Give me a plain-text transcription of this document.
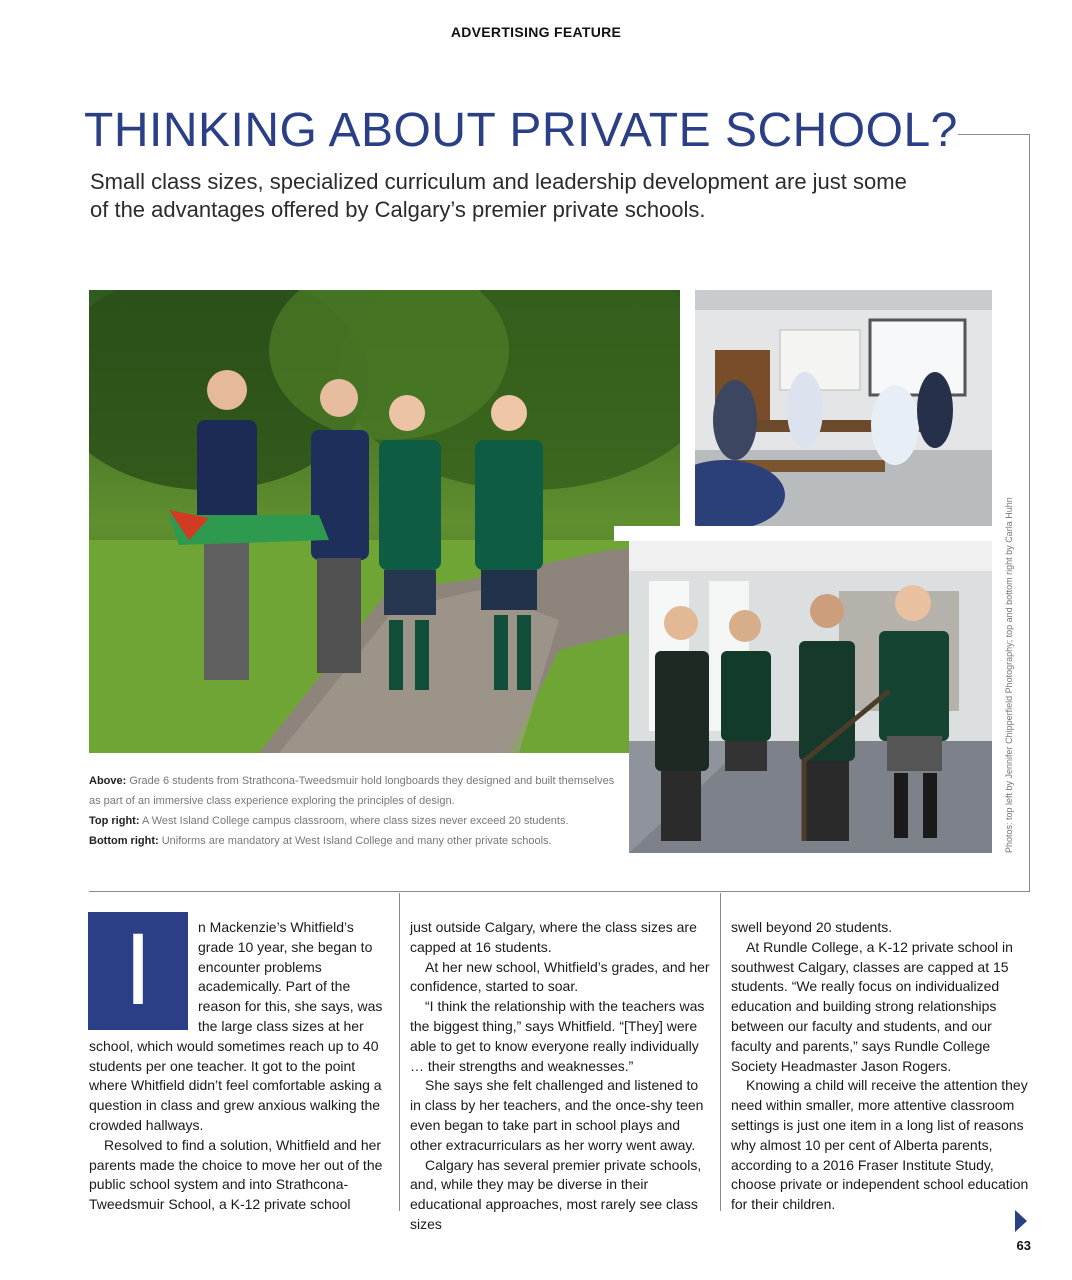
ADVERTISING FEATURE
THINKING ABOUT PRIVATE SCHOOL?
Small class sizes, specialized curriculum and leadership development are just some of the advantages offered by Calgary’s premier private schools.
Photos: top left by Jennifer Chipperfield Photography; top and bottom right by Carla Huhn
Above: Grade 6 students from Strathcona-Tweedsmuir hold longboards they designed and built themselves
as part of an immersive class experience exploring the principles of design.
Top right: A West Island College campus classroom, where class sizes never exceed 20 students.
Bottom right: Uniforms are mandatory at West Island College and many other private schools.
I	n Mackenzie’s Whitfield’s grade 10 year, she began to encounter problems academically. Part of the reason for this, she says, was the large class sizes at her school, which would sometimes reach up to 40 students per one teacher. It got to the point where Whitfield didn’t feel comfortable asking a question in class and grew anxious walking the crowded hallways.

Resolved to find a solution, Whitfield and her parents made the choice to move her out of the public school system and into Strathcona-Tweedsmuir School, a K-12 private school

just outside Calgary, where the class sizes are capped at 16 students.

At her new school, Whitfield’s grades, and her confidence, started to soar.

“I think the relationship with the teachers was the biggest thing,” says Whitfield. “[They] were able to get to know everyone really individually … their strengths and weaknesses.”

She says she felt challenged and listened to in class by her teachers, and the once-shy teen even began to take part in school plays and other extracurriculars as her worry went away.

Calgary has several premier private schools, and, while they may be diverse in their educational approaches, most rarely see class sizes

swell beyond 20 students.

At Rundle College, a K-12 private school in southwest Calgary, classes are capped at 15 students. “We really focus on individualized education and building strong relationships between our faculty and students, and our faculty and parents,” says Rundle College Society Headmaster Jason Rogers.

Knowing a child will receive the attention they need within smaller, more attentive classroom settings is just one item in a long list of reasons why almost 10 per cent of Alberta parents, according to a 2016 Fraser Institute Study, choose private or independent school education for their children.

63
